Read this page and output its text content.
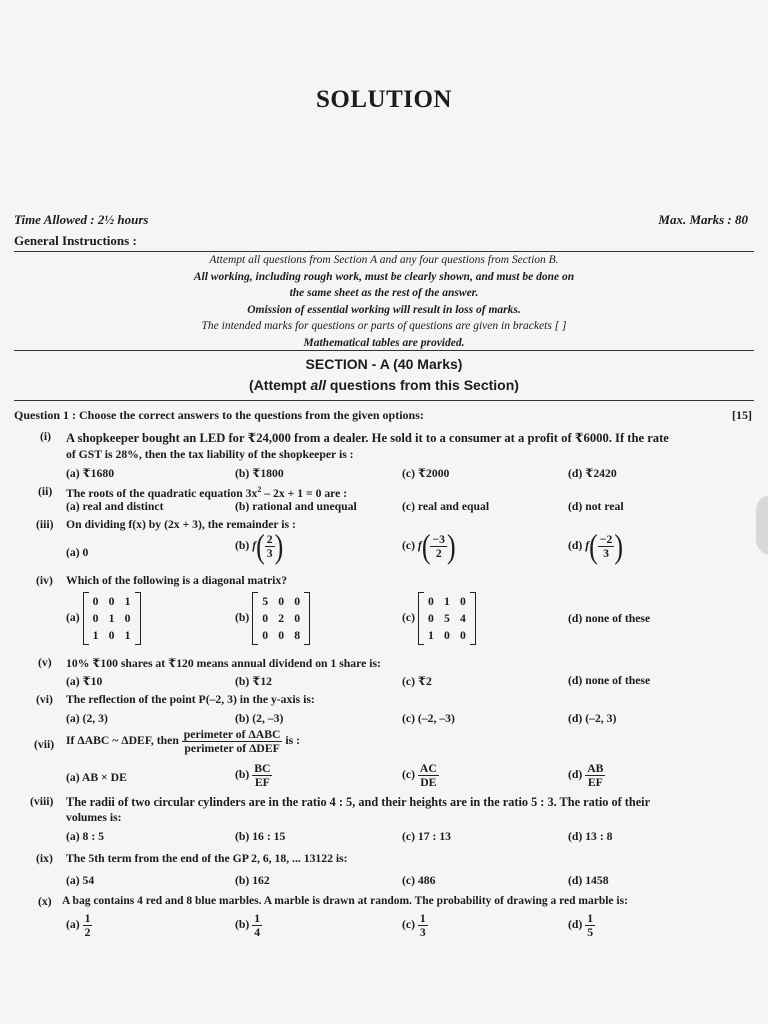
SOLUTION
Time Allowed : 2½ hours	Max. Marks : 80
General Instructions :
Attempt all questions from Section A and any four questions from Section B.
All working, including rough work, must be clearly shown, and must be done on
the same sheet as the rest of the answer.
Omission of essential working will result in loss of marks.
The intended marks for questions or parts of questions are given in brackets [ ]
Mathematical tables are provided.
SECTION - A (40 Marks)
(Attempt all questions from this Section)
Question 1 : Choose the correct answers to the questions from the given options:	[15]
(i) A shopkeeper bought an LED for ₹24,000 from a dealer. He sold it to a consumer at a profit of ₹6000. If the rate
of GST is 28%, then the tax liability of the shopkeeper is :
(a) ₹1680	(b) ₹1800	(c) ₹2000	(d) ₹2420
(ii) The roots of the quadratic equation $3x^2 - 2x + 1 = 0$ are :
(a) real and distinct	(b) rational and unequal	(c) real and equal	(d) not real
(iii) On dividing f(x) by (2x + 3), the remainder is :
(a) 0
(b) $f( \frac{2}{3}$ )	(c) $f( \frac{-3}{2}$ )	(d) $f( \frac{-2}{3}$ )
(iv) Which of the following is a diagonal matrix?
(a)
0 0 1
0 1 0
1 0 1
(b)
5 0 0
0 2 0
0 0 8
(c)
0 1 0
0 5 4
1 0 0
(d) none of these
(v) 10% ₹100 shares at ₹120 means annual dividend on 1 share is:
(a) ₹10	(b) ₹12	(c) ₹2	(d) none of these
(vi) The reflection of the point P(–2, 3) in the y-axis is:
(a) (2, 3)	(b) (2, –3)	(c) (–2, –3)	(d) (–2, 3)
(vii) If ΔABC ~ ΔDEF, then $\frac{\text{perimeter of ΔABC}}{\text{perimeter of ΔDEF}}$ is :
(a) AB × DE	$(b) \frac{BC}{EF}$	$(c) \frac{AC}{DE}$	$(d) \frac{AB}{EF}$
(viii) The radii of two circular cylinders are in the ratio 4 : 5, and their heights are in the ratio 5 : 3. The ratio of their
volumes is:
(a) 8 : 5	(b) 16 : 15	(c) 17 : 13	(d) 13 : 8
(ix) The 5th term from the end of the GP 2, 6, 18, ... 13122 is:
(a) 54	(b) 162	(c) 486	(d) 1458
(x) A bag contains 4 red and 8 blue marbles. A marble is drawn at random. The probability of drawing a red marble is:
$(a) \frac{1}{2}$	$(b) \frac{1}{4}$	$(c) \frac{1}{3}$	$(d) \frac{1}{5}$
